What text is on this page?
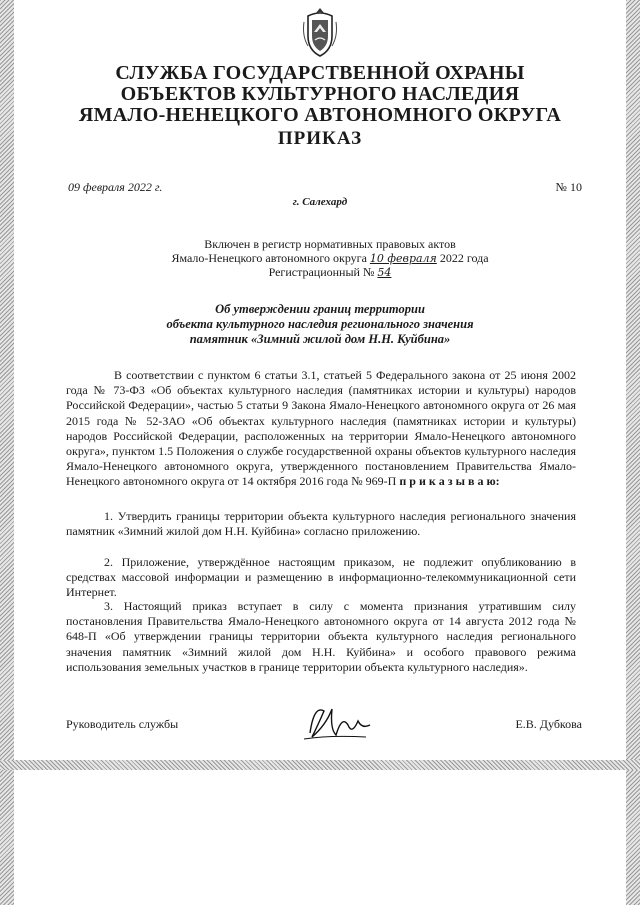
СЛУЖБА ГОСУДАРСТВЕННОЙ ОХРАНЫ
ОБЪЕКТОВ КУЛЬТУРНОГО НАСЛЕДИЯ
ЯМАЛО-НЕНЕЦКОГО АВТОНОМНОГО ОКРУГА
ПРИКАЗ
09 февраля 2022 г.	№ 10
г. Салехард
Включен в регистр нормативных правовых актов
Ямало-Ненецкого автономного округа 10 февраля 2022 года
Регистрационный № 54
Об утверждении границ территории
объекта культурного наследия регионального значения
памятник «Зимний жилой дом Н.Н. Куйбина»

В соответствии с пунктом 6 статьи 3.1, статьей 5 Федерального закона от 25 июня 2002 года № 73-ФЗ «Об объектах культурного наследия (памятниках истории и культуры) народов Российской Федерации», частью 5 статьи 9 Закона Ямало-Ненецкого автономного округа от 26 мая 2015 года № 52-ЗАО «Об объектах культурного наследия (памятниках истории и культуры) народов Российской Федерации, расположенных на территории Ямало-Ненецкого автономного округа», пунктом 1.5 Положения о службе государственной охраны объектов культурного наследия Ямало-Ненецкого автономного округа, утвержденного постановлением Правительства Ямало-Ненецкого автономного округа от 14 октября 2016 года № 969-П п р и к а з ы в а ю:

1. Утвердить границы территории объекта культурного наследия регионального значения памятник «Зимний жилой дом Н.Н. Куйбина» согласно приложению.

2. Приложение, утверждённое настоящим приказом, не подлежит опубликованию в средствах массовой информации и размещению в информационно-телекоммуникационной сети Интернет.

3. Настоящий приказ вступает в силу с момента признания утратившим силу постановления Правительства Ямало-Ненецкого автономного округа от 14 августа 2012 года № 648-П «Об утверждении границы территории объекта культурного наследия регионального значения памятник «Зимний жилой дом Н.Н. Куйбина» и особого правового режима использования земельных участков в границе территории объекта культурного наследия».

Руководитель службы	Е.В. Дубкова
